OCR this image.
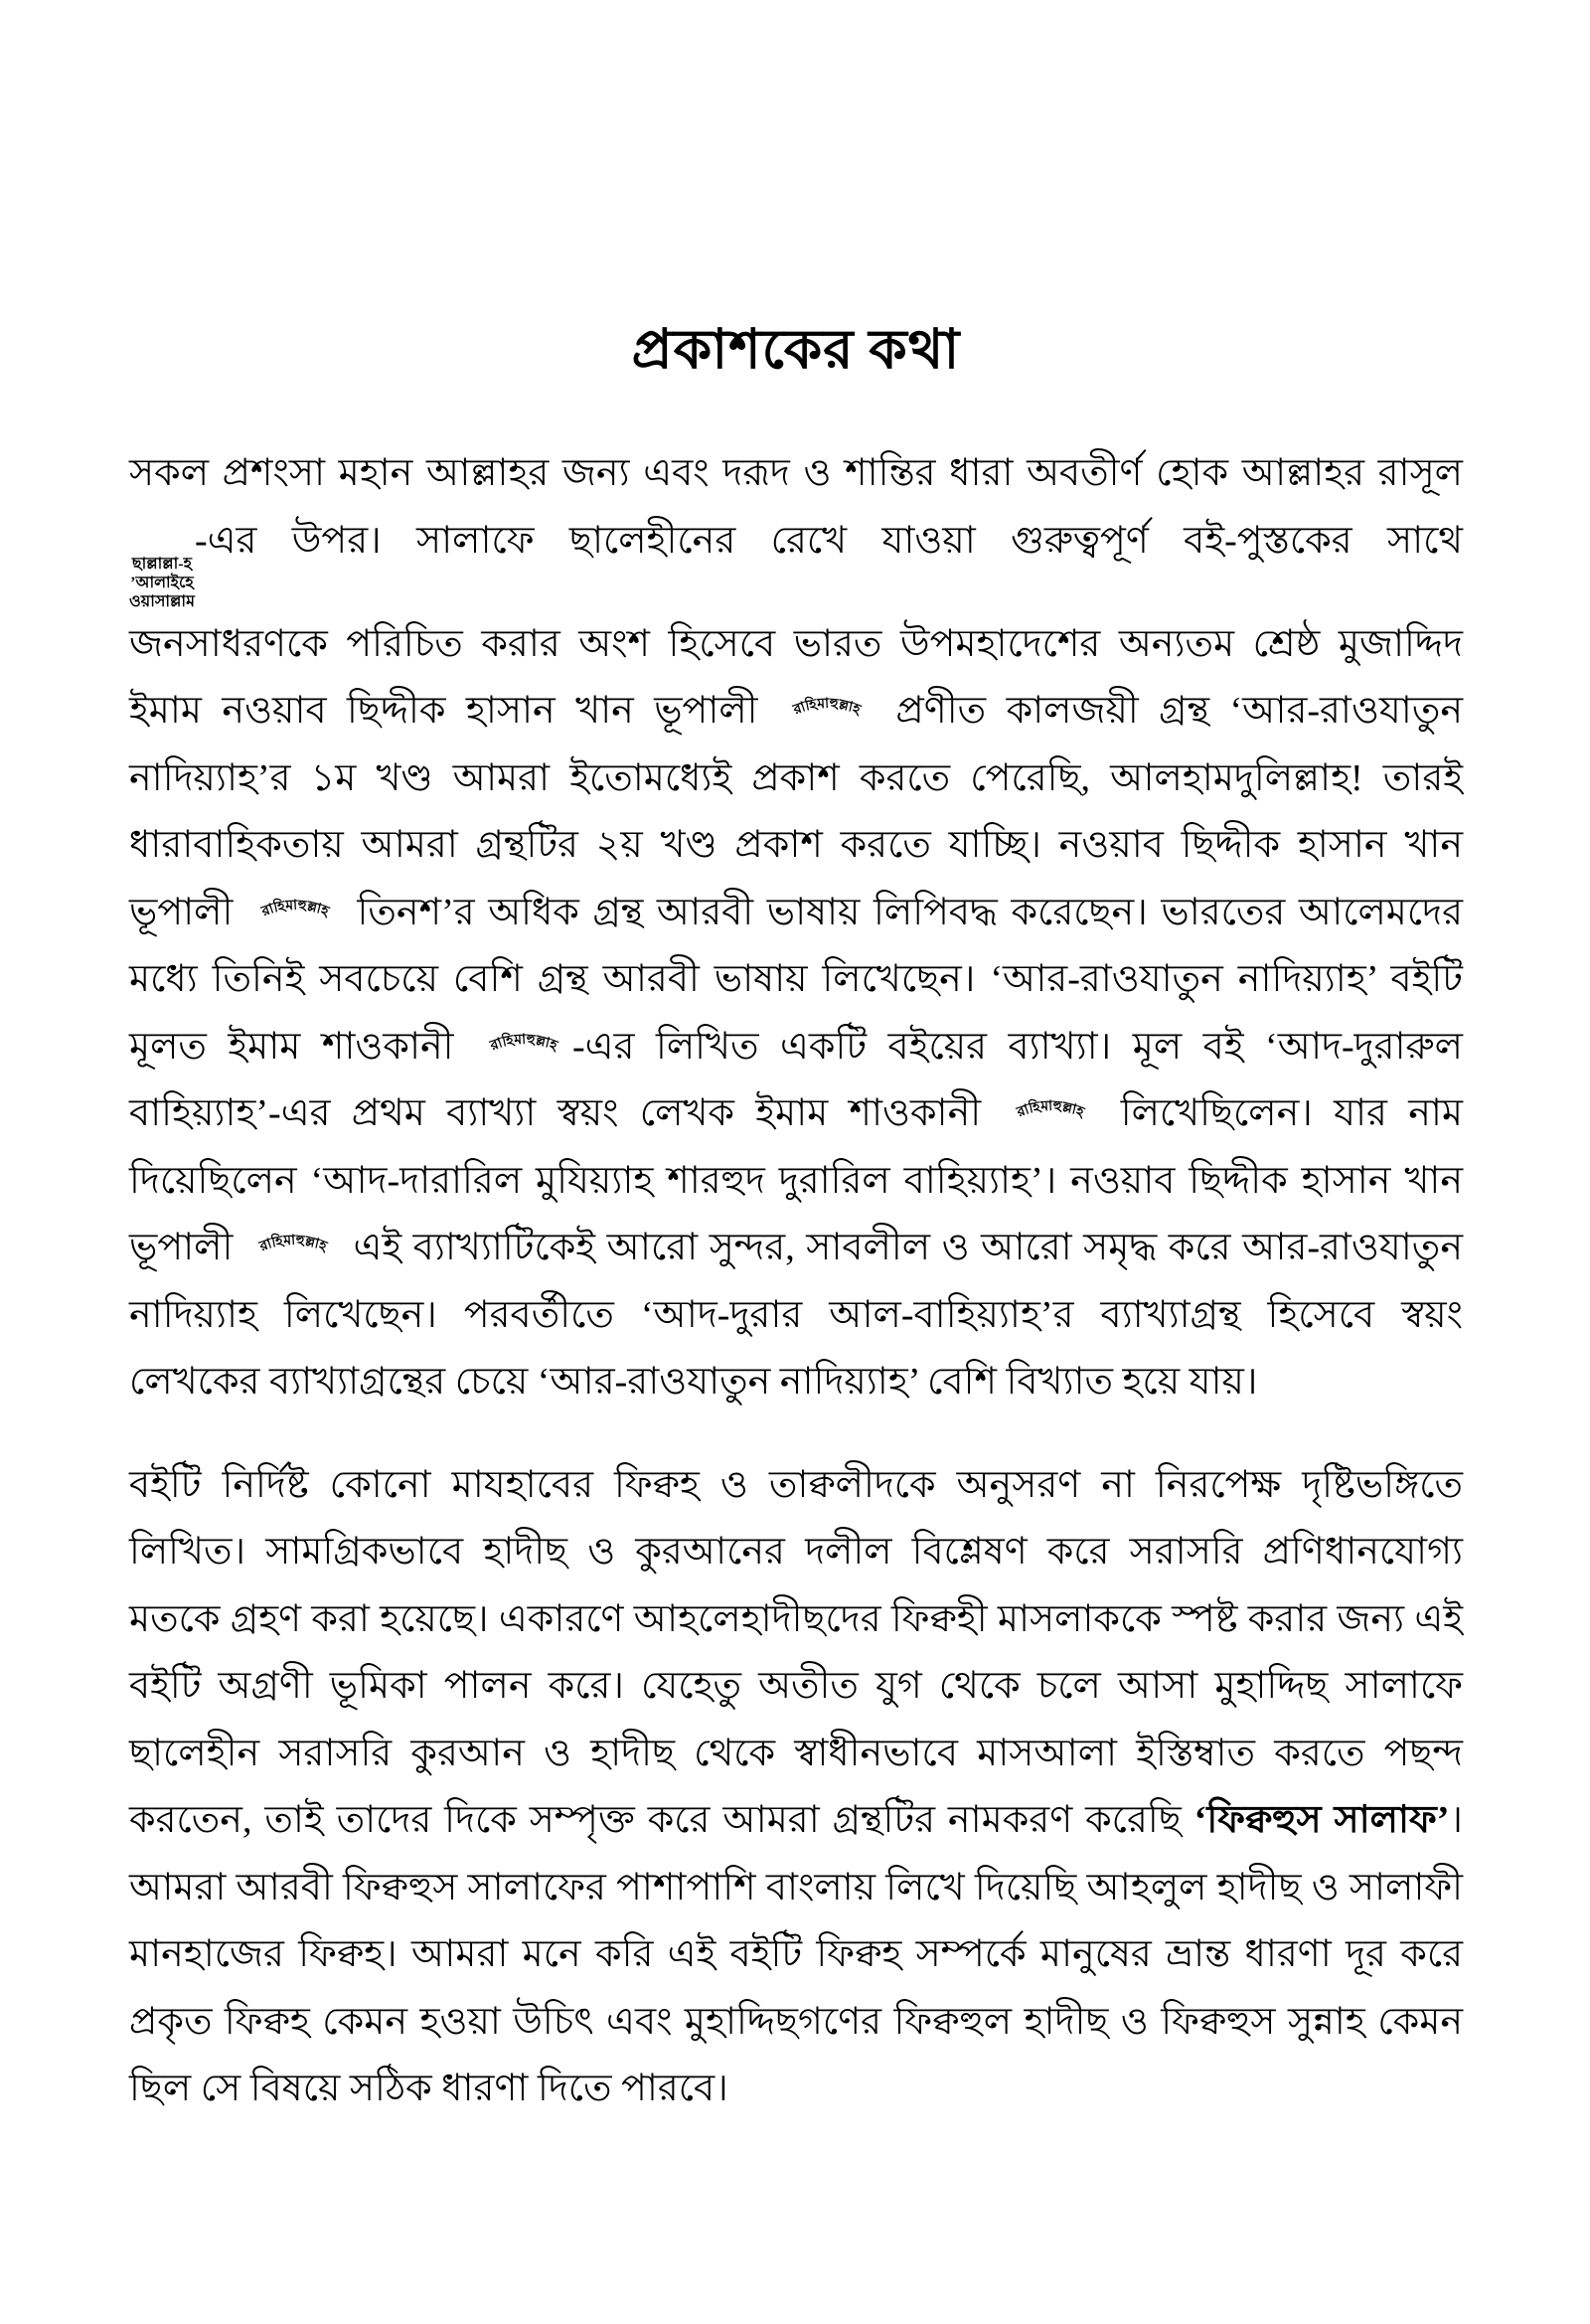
প্রকাশকের কথা

সকল প্রশংসা মহান আল্লাহর জন্য এবং দরূদ ও শান্তির ধারা অবতীর্ণ হোক আল্লাহর রাসূল
ছাল্লাল্লা-হ
’আলাইহে
ওয়াসাল্লাম
-এর উপর। সালাফে ছালেহীনের রেখে যাওয়া গুরুত্বপূর্ণ বই-পুস্তকের সাথে জনসাধরণকে পরিচিত করার অংশ হিসেবে ভারত উপমহাদেশের অন্যতম শ্রেষ্ঠ মুজাদ্দিদ ইমাম নওয়াব ছিদ্দীক হাসান খান ভূপালী রাহিমাহুল্লাহ প্রণীত কালজয়ী গ্রন্থ ‘আর-রাওযাতুন নাদিয়্যাহ’র ১ম খণ্ড আমরা ইতোমধ্যেই প্রকাশ করতে পেরেছি, আলহামদুলিল্লাহ! তারই ধারাবাহিকতায় আমরা গ্রন্থটির ২য় খণ্ড প্রকাশ করতে যাচ্ছি। নওয়াব ছিদ্দীক হাসান খান ভূপালী রাহিমাহুল্লাহ তিনশ’র অধিক গ্রন্থ আরবী ভাষায় লিপিবদ্ধ করেছেন। ভারতের আলেমদের মধ্যে তিনিই সবচেয়ে বেশি গ্রন্থ আরবী ভাষায় লিখেছেন। ‘আর-রাওযাতুন নাদিয়্যাহ’ বইটি মূলত ইমাম শাওকানী	রাহিমাহুল্লাহ -এর লিখিত একটি বইয়ের ব্যাখ্যা। মূল বই ‘আদ-দুরারুল বাহিয়্যাহ’-এর প্রথম ব্যাখ্যা স্বয়ং লেখক ইমাম শাওকানী রাহিমাহুল্লাহ লিখেছিলেন। যার নাম দিয়েছিলেন ‘আদ-দারারিল মুযিয়্যাহ শারহুদ দুরারিল বাহিয়্যাহ’। নওয়াব ছিদ্দীক হাসান খান ভূপালী রাহিমাহুল্লাহ এই ব্যাখ্যাটিকেই আরো সুন্দর, সাবলীল ও আরো সমৃদ্ধ করে আর-রাওযাতুন নাদিয়্যাহ লিখেছেন। পরবর্তীতে ‘আদ-দুরার আল-বাহিয়্যাহ’র ব্যাখ্যাগ্রন্থ হিসেবে স্বয়ং লেখকের ব্যাখ্যাগ্রন্থের চেয়ে ‘আর-রাওযাতুন নাদিয়্যাহ’ বেশি বিখ্যাত হয়ে যায়।

বইটি নির্দিষ্ট কোনো মাযহাবের ফিক্বহ ও তাক্বলীদকে অনুসরণ না নিরপেক্ষ দৃষ্টিভঙ্গিতে লিখিত। সামগ্রিকভাবে হাদীছ ও কুরআনের দলীল বিশ্লেষণ করে সরাসরি প্রণিধানযোগ্য মতকে গ্রহণ করা হয়েছে। একারণে আহলেহাদীছদের ফিক্বহী মাসলাককে স্পষ্ট করার জন্য এই বইটি অগ্রণী ভূমিকা পালন করে। যেহেতু অতীত যুগ থেকে চলে আসা মুহাদ্দিছ সালাফে ছালেহীন সরাসরি কুরআন ও হাদীছ থেকে স্বাধীনভাবে মাসআলা ইস্তিম্বাত করতে পছন্দ করতেন, তাই তাদের দিকে সম্পৃক্ত করে আমরা গ্রন্থটির নামকরণ করেছি ‘ফিক্বহুস সালাফ’। আমরা আরবী ফিক্বহুস সালাফের পাশাপাশি বাংলায় লিখে দিয়েছি আহলুল হাদীছ ও সালাফী মানহাজের ফিক্বহ। আমরা মনে করি এই বইটি ফিক্বহ সম্পর্কে মানুষের ভ্রান্ত ধারণা দূর করে প্রকৃত ফিক্বহ কেমন হওয়া উচিৎ এবং মুহাদ্দিছগণের ফিক্বহুল হাদীছ ও ফিক্বহুস সুন্নাহ কেমন ছিল সে বিষয়ে সঠিক ধারণা দিতে পারবে।
